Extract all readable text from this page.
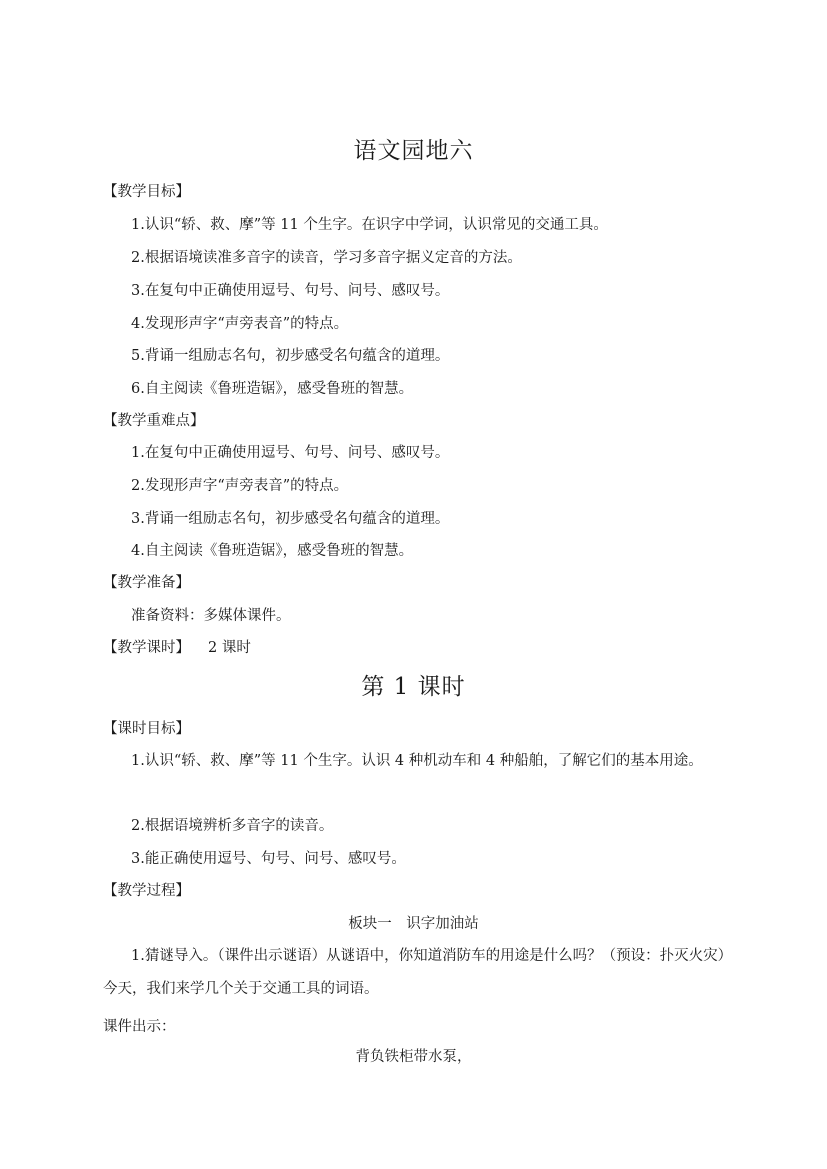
语文园地六
【教学目标】
1.认识“轿、救、摩”等 11 个生字。在识字中学词，认识常见的交通工具。
2.根据语境读准多音字的读音，学习多音字据义定音的方法。
3.在复句中正确使用逗号、句号、问号、感叹号。
4.发现形声字“声旁表音”的特点。
5.背诵一组励志名句，初步感受名句蕴含的道理。
6.自主阅读《鲁班造锯》，感受鲁班的智慧。
【教学重难点】
1.在复句中正确使用逗号、句号、问号、感叹号。
2.发现形声字“声旁表音”的特点。
3.背诵一组励志名句，初步感受名句蕴含的道理。
4.自主阅读《鲁班造锯》，感受鲁班的智慧。
【教学准备】
准备资料：多媒体课件。
【教学课时】 2 课时
第 1 课时
【课时目标】
1.认识“轿、救、摩”等 11 个生字。认识 4 种机动车和 4 种船舶，了解它们的基本用途。
2.根据语境辨析多音字的读音。
3.能正确使用逗号、句号、问号、感叹号。
【教学过程】
板块一　识字加油站
1.猜谜导入。（课件出示谜语）从谜语中，你知道消防车的用途是什么吗？（预设：扑灭火灾）今天，我们来学几个关于交通工具的词语。
课件出示：
背负铁柜带水泵，
